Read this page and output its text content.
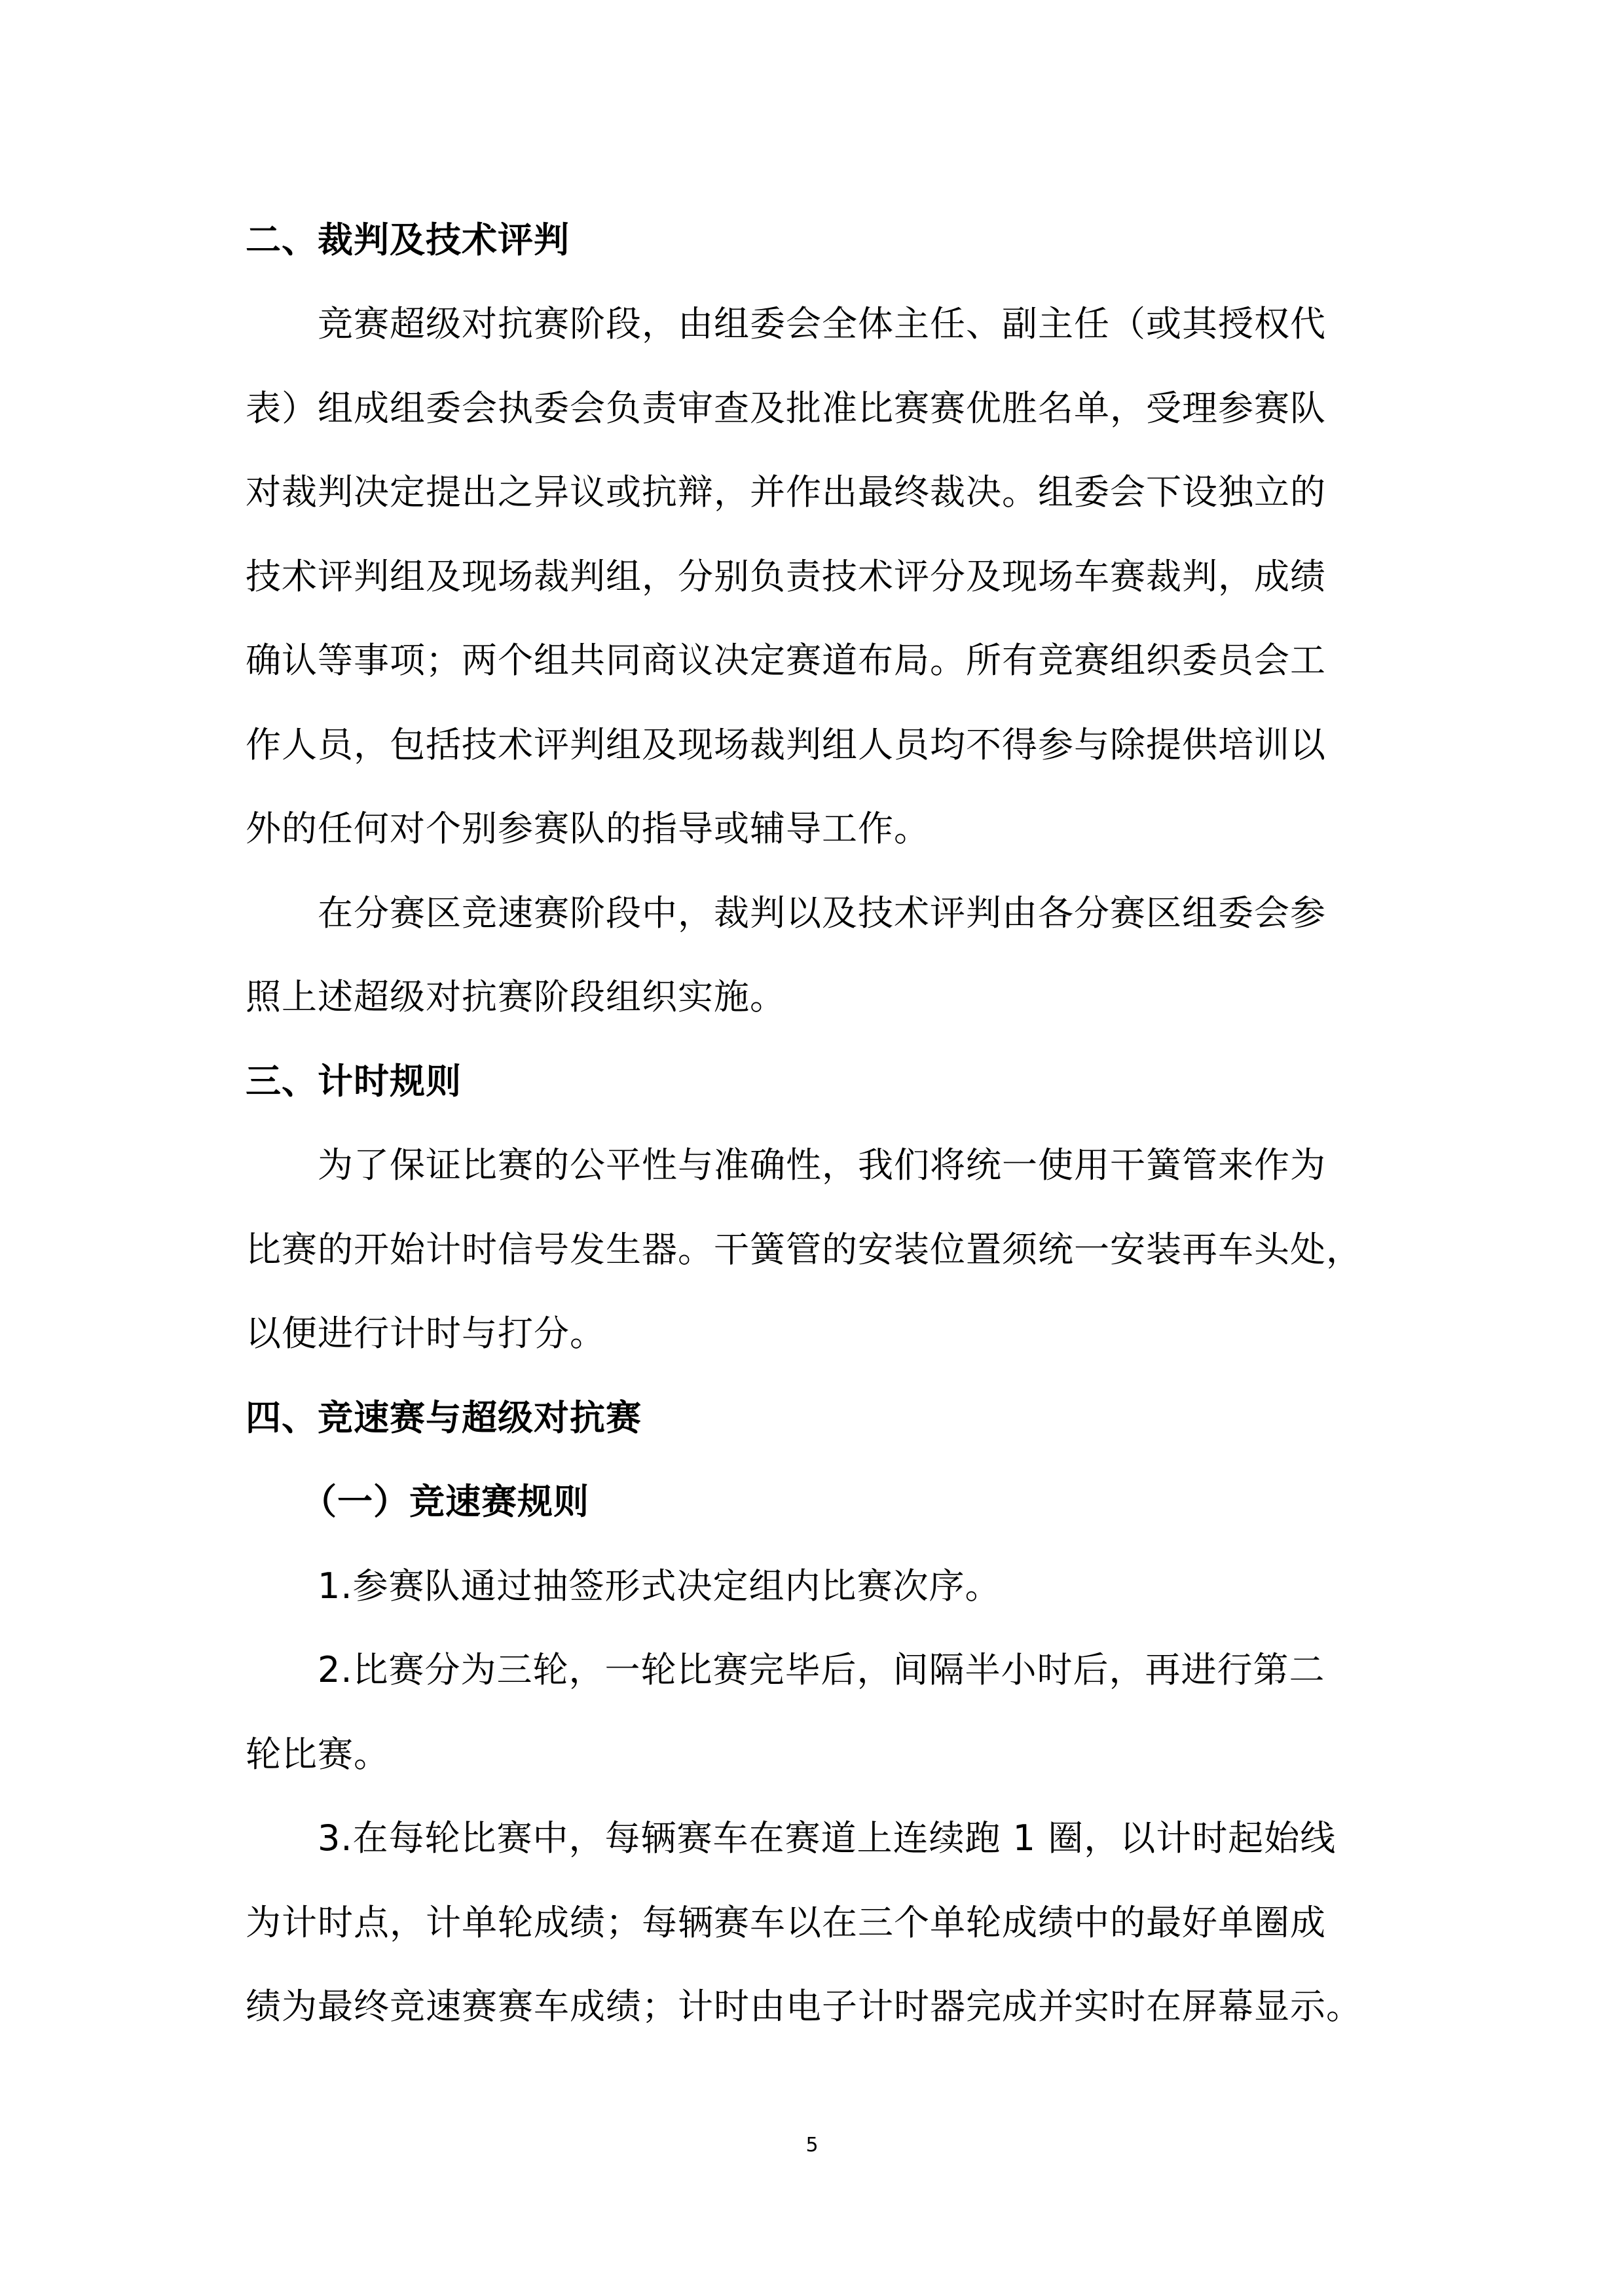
二、裁判及技术评判

竞赛超级对抗赛阶段，由组委会全体主任、副主任（或其授权代

表）组成组委会执委会负责审查及批准比赛赛优胜名单，受理参赛队

对裁判决定提出之异议或抗辩，并作出最终裁决。组委会下设独立的

技术评判组及现场裁判组，分别负责技术评分及现场车赛裁判，成绩

确认等事项；两个组共同商议决定赛道布局。所有竞赛组织委员会工

作人员，包括技术评判组及现场裁判组人员均不得参与除提供培训以

外的任何对个别参赛队的指导或辅导工作。

在分赛区竞速赛阶段中，裁判以及技术评判由各分赛区组委会参

照上述超级对抗赛阶段组织实施。

三、计时规则

为了保证比赛的公平性与准确性，我们将统一使用干簧管来作为

比赛的开始计时信号发生器。干簧管的安装位置须统一安装再车头处，

以便进行计时与打分。

四、竞速赛与超级对抗赛

（一）竞速赛规则

1.参赛队通过抽签形式决定组内比赛次序。

2.比赛分为三轮，一轮比赛完毕后，间隔半小时后，再进行第二

轮比赛。

3.在每轮比赛中，每辆赛车在赛道上连续跑 1 圈，以计时起始线

为计时点，计单轮成绩；每辆赛车以在三个单轮成绩中的最好单圈成

绩为最终竞速赛赛车成绩；计时由电子计时器完成并实时在屏幕显示。

5
